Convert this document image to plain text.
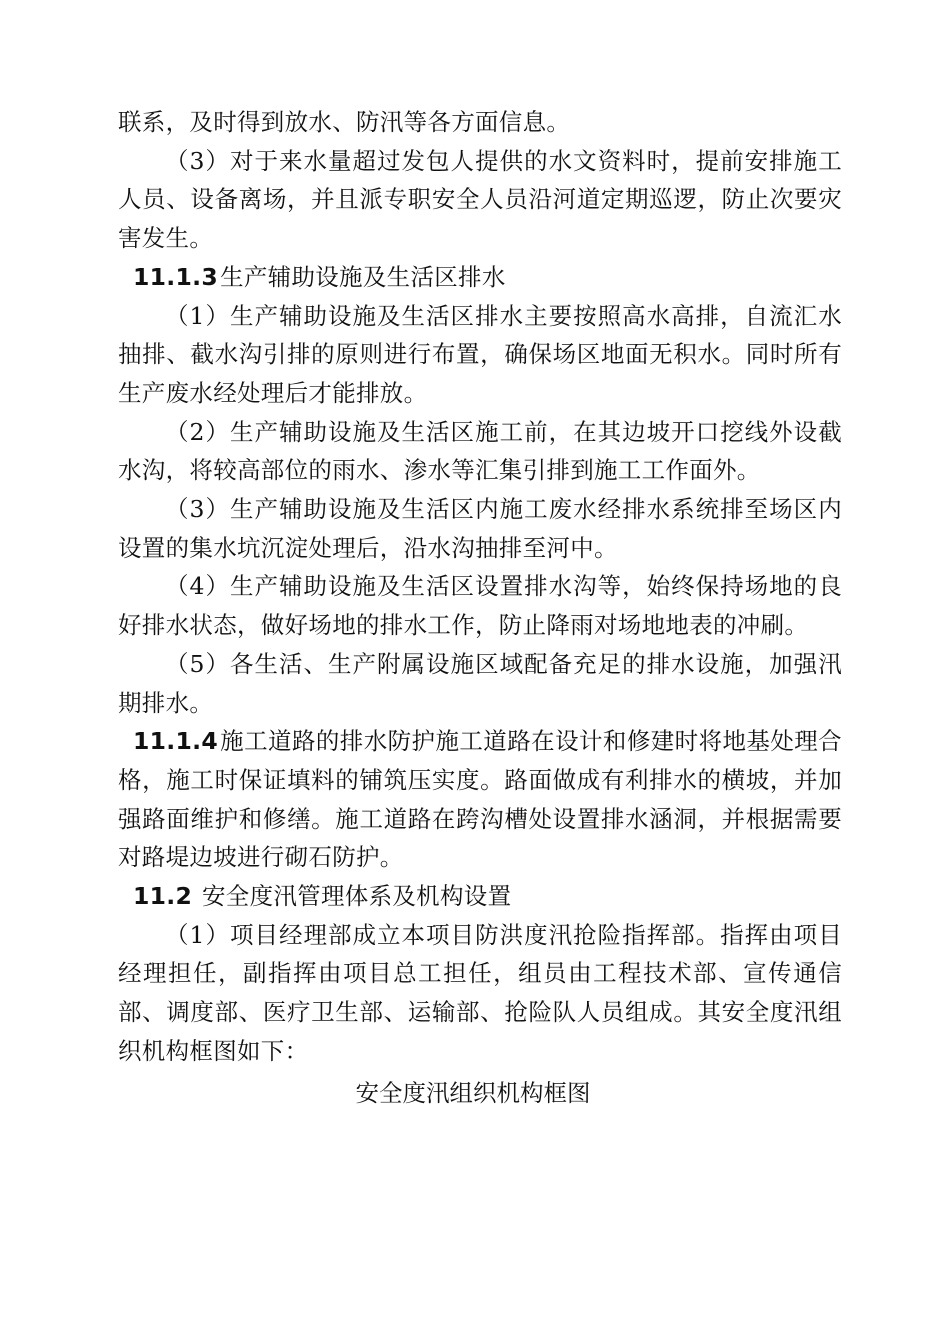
联系，及时得到放水、防汛等各方面信息。

（3）对于来水量超过发包人提供的水文资料时，提前安排施工人员、设备离场，并且派专职安全人员沿河道定期巡逻，防止次要灾害发生。

11.1.3生产辅助设施及生活区排水

（1）生产辅助设施及生活区排水主要按照高水高排，自流汇水抽排、截水沟引排的原则进行布置，确保场区地面无积水。同时所有生产废水经处理后才能排放。

（2）生产辅助设施及生活区施工前，在其边坡开口挖线外设截水沟，将较高部位的雨水、渗水等汇集引排到施工工作面外。

（3）生产辅助设施及生活区内施工废水经排水系统排至场区内设置的集水坑沉淀处理后，沿水沟抽排至河中。

（4）生产辅助设施及生活区设置排水沟等，始终保持场地的良好排水状态，做好场地的排水工作，防止降雨对场地地表的冲刷。

（5）各生活、生产附属设施区域配备充足的排水设施，加强汛期排水。

11.1.4施工道路的排水防护施工道路在设计和修建时将地基处理合格，施工时保证填料的铺筑压实度。路面做成有利排水的横坡，并加强路面维护和修缮。施工道路在跨沟槽处设置排水涵洞，并根据需要对路堤边坡进行砌石防护。

11.2 安全度汛管理体系及机构设置

（1）项目经理部成立本项目防洪度汛抢险指挥部。指挥由项目经理担任，副指挥由项目总工担任，组员由工程技术部、宣传通信部、调度部、医疗卫生部、运输部、抢险队人员组成。其安全度汛组织机构框图如下：

安全度汛组织机构框图
